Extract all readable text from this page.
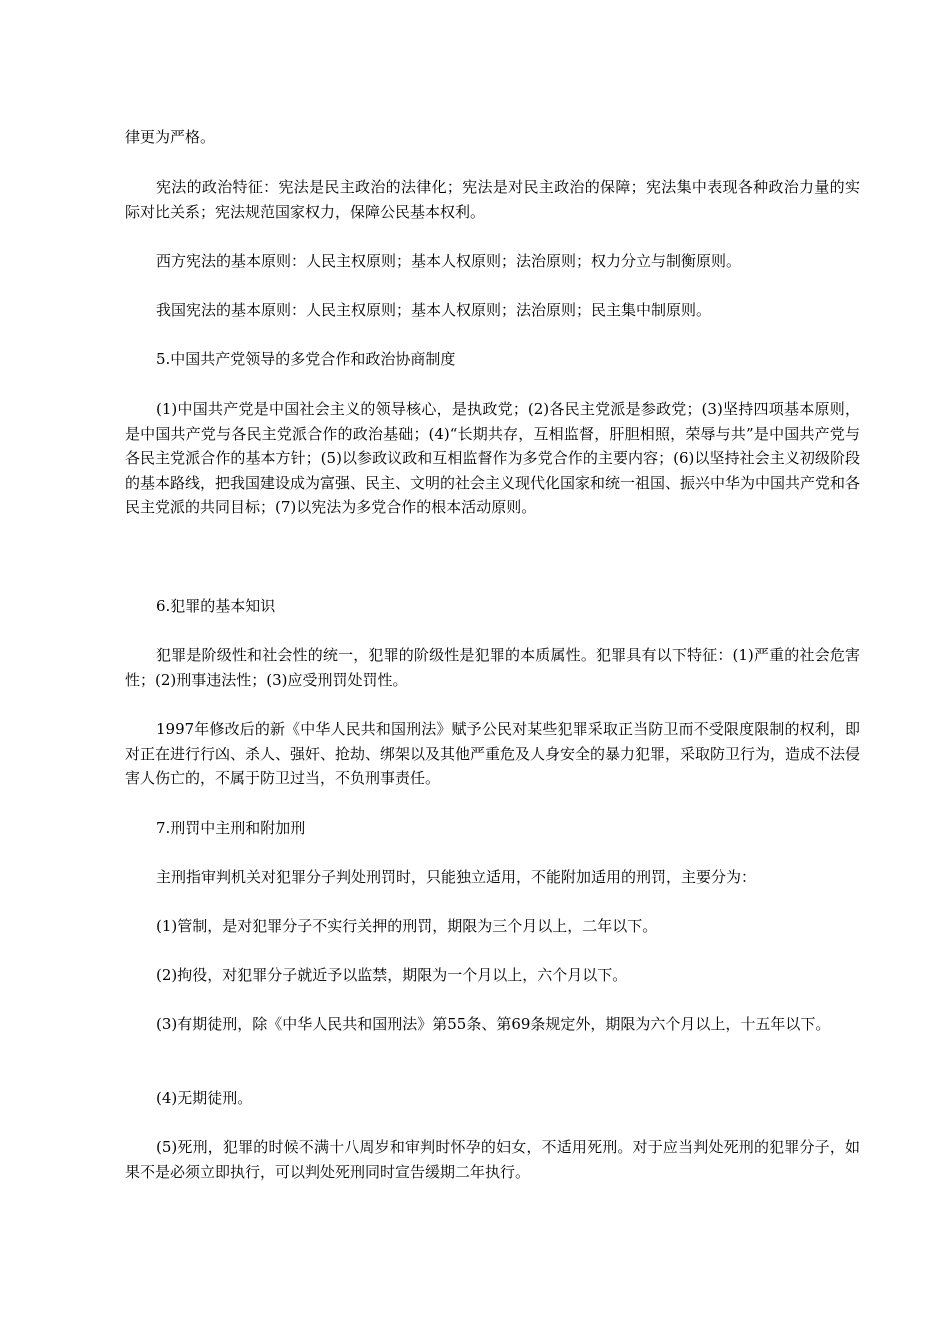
律更为严格。

宪法的政治特征：宪法是民主政治的法律化；宪法是对民主政治的保障；宪法集中表现各种政治力量的实际对比关系；宪法规范国家权力，保障公民基本权利。

西方宪法的基本原则：人民主权原则；基本人权原则；法治原则；权力分立与制衡原则。

我国宪法的基本原则：人民主权原则；基本人权原则；法治原则；民主集中制原则。

5.中国共产党领导的多党合作和政治协商制度

(1)中国共产党是中国社会主义的领导核心，是执政党；(2)各民主党派是参政党；(3)坚持四项基本原则，是中国共产党与各民主党派合作的政治基础；(4)“长期共存，互相监督，肝胆相照，荣辱与共”是中国共产党与各民主党派合作的基本方针；(5)以参政议政和互相监督作为多党合作的主要内容；(6)以坚持社会主义初级阶段的基本路线，把我国建设成为富强、民主、文明的社会主义现代化国家和统一祖国、振兴中华为中国共产党和各民主党派的共同目标；(7)以宪法为多党合作的根本活动原则。

6.犯罪的基本知识

犯罪是阶级性和社会性的统一，犯罪的阶级性是犯罪的本质属性。犯罪具有以下特征：(1)严重的社会危害性；(2)刑事违法性；(3)应受刑罚处罚性。

1997年修改后的新《中华人民共和国刑法》赋予公民对某些犯罪采取正当防卫而不受限度限制的权利，即对正在进行行凶、杀人、强奸、抢劫、绑架以及其他严重危及人身安全的暴力犯罪，采取防卫行为，造成不法侵害人伤亡的，不属于防卫过当，不负刑事责任。

7.刑罚中主刑和附加刑

主刑指审判机关对犯罪分子判处刑罚时，只能独立适用，不能附加适用的刑罚，主要分为：

(1)管制，是对犯罪分子不实行关押的刑罚，期限为三个月以上，二年以下。

(2)拘役，对犯罪分子就近予以监禁，期限为一个月以上，六个月以下。

(3)有期徒刑，除《中华人民共和国刑法》第55条、第69条规定外，期限为六个月以上，十五年以下。

(4)无期徒刑。

(5)死刑，犯罪的时候不满十八周岁和审判时怀孕的妇女，不适用死刑。对于应当判处死刑的犯罪分子，如果不是必须立即执行，可以判处死刑同时宣告缓期二年执行。
